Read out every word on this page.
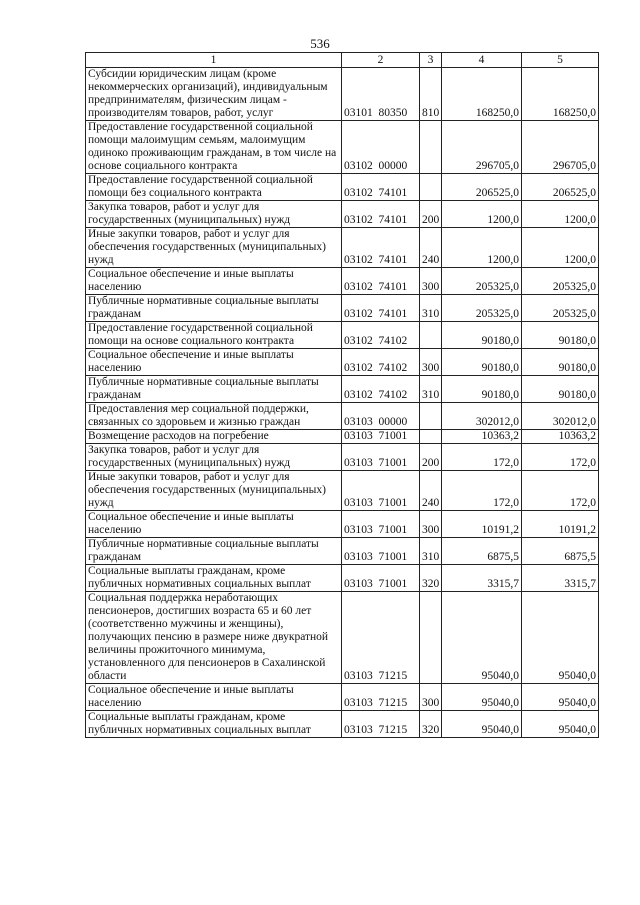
536
1	2	3	4	5
Субсидии юридическим лицам (кроме некоммерческих организаций), индивидуальным предпринимателям, физическим лицам - производителям товаров, работ, услуг	03101  80350	810	168250,0	168250,0
Предоставление государственной социальной помощи малоимущим семьям, малоимущим одиноко проживающим гражданам, в том числе на основе социального контракта	03102  00000		296705,0	296705,0
Предоставление государственной социальной помощи без социального контракта	03102  74101		206525,0	206525,0
Закупка товаров, работ и услуг для государственных (муниципальных) нужд	03102  74101	200	1200,0	1200,0
Иные закупки товаров, работ и услуг для обеспечения государственных (муниципальных) нужд	03102  74101	240	1200,0	1200,0
Социальное обеспечение и иные выплаты населению	03102  74101	300	205325,0	205325,0
Публичные нормативные социальные выплаты гражданам	03102  74101	310	205325,0	205325,0
Предоставление государственной социальной помощи на основе социального контракта	03102  74102		90180,0	90180,0
Социальное обеспечение и иные выплаты населению	03102  74102	300	90180,0	90180,0
Публичные нормативные социальные выплаты гражданам	03102  74102	310	90180,0	90180,0
Предоставления мер социальной поддержки, связанных со здоровьем и жизнью граждан	03103  00000		302012,0	302012,0
Возмещение расходов на погребение	03103  71001		10363,2	10363,2
Закупка товаров, работ и услуг для государственных (муниципальных) нужд	03103  71001	200	172,0	172,0
Иные закупки товаров, работ и услуг для обеспечения государственных (муниципальных) нужд	03103  71001	240	172,0	172,0
Социальное обеспечение и иные выплаты населению	03103  71001	300	10191,2	10191,2
Публичные нормативные социальные выплаты гражданам	03103  71001	310	6875,5	6875,5
Социальные выплаты гражданам, кроме публичных нормативных социальных выплат	03103  71001	320	3315,7	3315,7
Социальная поддержка неработающих пенсионеров, достигших возраста 65 и 60 лет (соответственно мужчины и женщины), получающих пенсию в размере ниже двукратной величины прожиточного минимума, установленного для пенсионеров в Сахалинской области	03103  71215		95040,0	95040,0
Социальное обеспечение и иные выплаты населению	03103  71215	300	95040,0	95040,0
Социальные выплаты гражданам, кроме публичных нормативных социальных выплат	03103  71215	320	95040,0	95040,0
